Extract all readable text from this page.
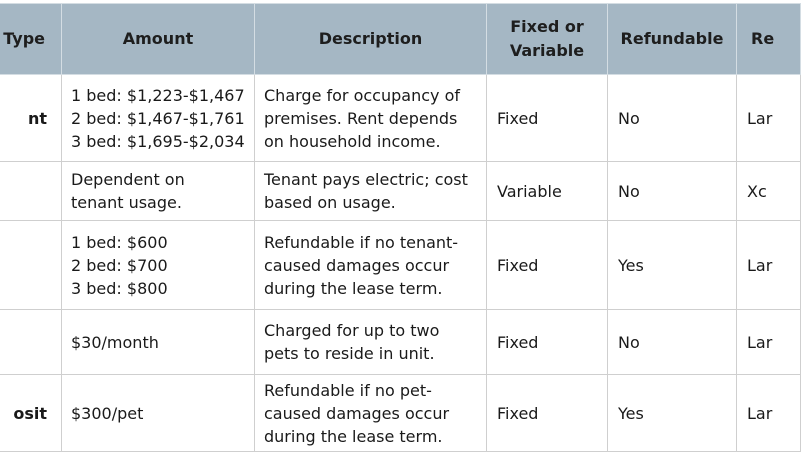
Type	Amount	Description	Fixed or
Variable	Refundable	Re
nt	1 bed: $1,223-$1,467
2 bed: $1,467-$1,761
3 bed: $1,695-$2,034	Charge for occupancy of
premises. Rent depends
on household income.	Fixed	No	Lar

	Dependent on
tenant usage.	Tenant pays electric; cost
based on usage.	Variable	No	Xc

	1 bed: $600
2 bed: $700
3 bed: $800	Refundable if no tenant-
caused damages occur
during the lease term.	Fixed	Yes	Lar

	$30/month	Charged for up to two
pets to reside in unit.	Fixed	No	Lar
osit	$300/pet	Refundable if no pet-
caused damages occur
during the lease term.	Fixed	Yes	Lar
